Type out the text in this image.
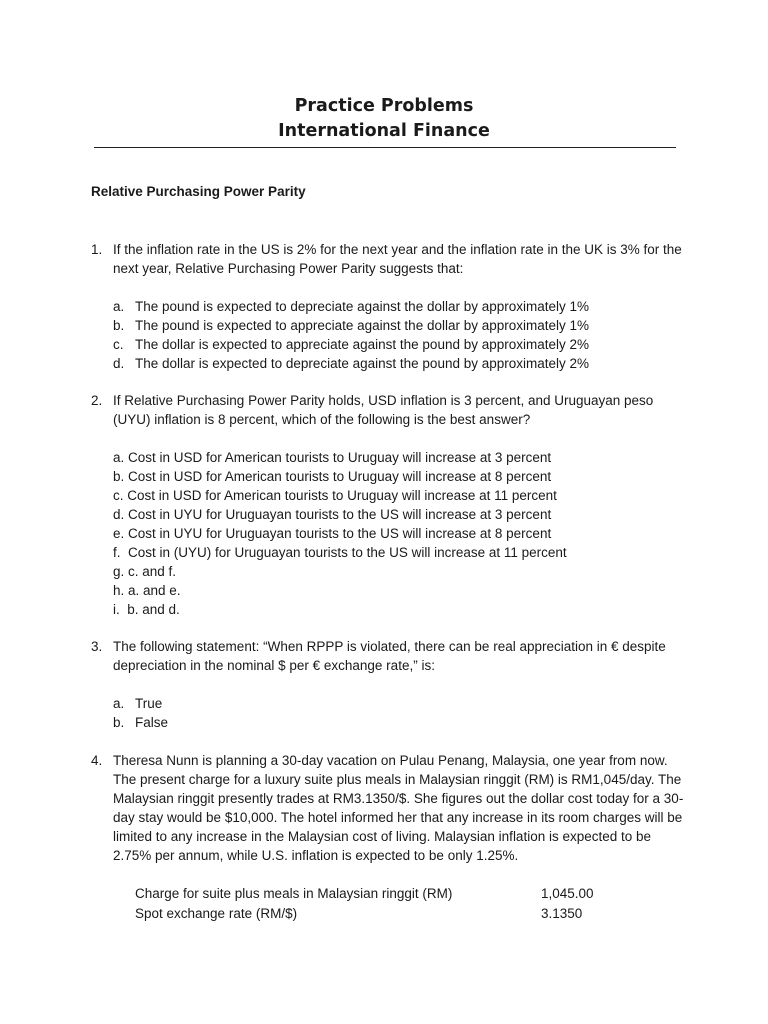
Practice Problems
International Finance
Relative Purchasing Power Parity
1. If the inflation rate in the US is 2% for the next year and the inflation rate in the UK is 3% for the next year, Relative Purchasing Power Parity suggests that:
a. The pound is expected to depreciate against the dollar by approximately 1%
b. The pound is expected to appreciate against the dollar by approximately 1%
c. The dollar is expected to appreciate against the pound by approximately 2%
d. The dollar is expected to depreciate against the pound by approximately 2%
2. If Relative Purchasing Power Parity holds, USD inflation is 3 percent, and Uruguayan peso (UYU) inflation is 8 percent, which of the following is the best answer?
a. Cost in USD for American tourists to Uruguay will increase at 3 percent
b. Cost in USD for American tourists to Uruguay will increase at 8 percent
c. Cost in USD for American tourists to Uruguay will increase at 11 percent
d. Cost in UYU for Uruguayan tourists to the US will increase at 3 percent
e. Cost in UYU for Uruguayan tourists to the US will increase at 8 percent
f.  Cost in (UYU) for Uruguayan tourists to the US will increase at 11 percent
g. c. and f.
h. a. and e.
i.  b. and d.
3. The following statement: “When RPPP is violated, there can be real appreciation in € despite depreciation in the nominal $ per € exchange rate,” is:
a. True
b. False
4. Theresa Nunn is planning a 30-day vacation on Pulau Penang, Malaysia, one year from now. The present charge for a luxury suite plus meals in Malaysian ringgit (RM) is RM1,045/day. The Malaysian ringgit presently trades at RM3.1350/$. She figures out the dollar cost today for a 30-day stay would be $10,000. The hotel informed her that any increase in its room charges will be limited to any increase in the Malaysian cost of living. Malaysian inflation is expected to be 2.75% per annum, while U.S. inflation is expected to be only 1.25%.
Charge for suite plus meals in Malaysian ringgit (RM)	1,045.00
Spot exchange rate (RM/$)	3.1350
